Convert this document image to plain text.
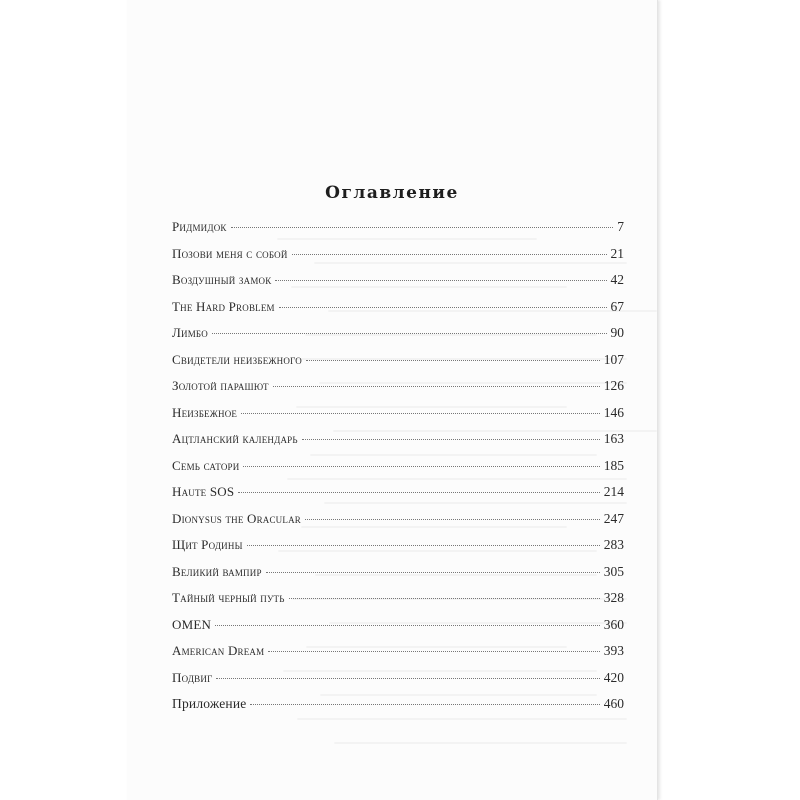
Оглавление
Ридмидок	7
Позови меня с собой	21
Воздушный замок	42
The Hard Problem	67
Лимбо	90
Свидетели неизбежного	107
Золотой парашют	126
Неизбежное	146
Ацтланский календарь	163
Семь сатори	185
Haute SOS	214
Dionysus the Oracular	247
Щит Родины	283
Великий вампир	305
Тайный черный путь	328
OMEN	360
American Dream	393
Подвиг	420
Приложение	460
